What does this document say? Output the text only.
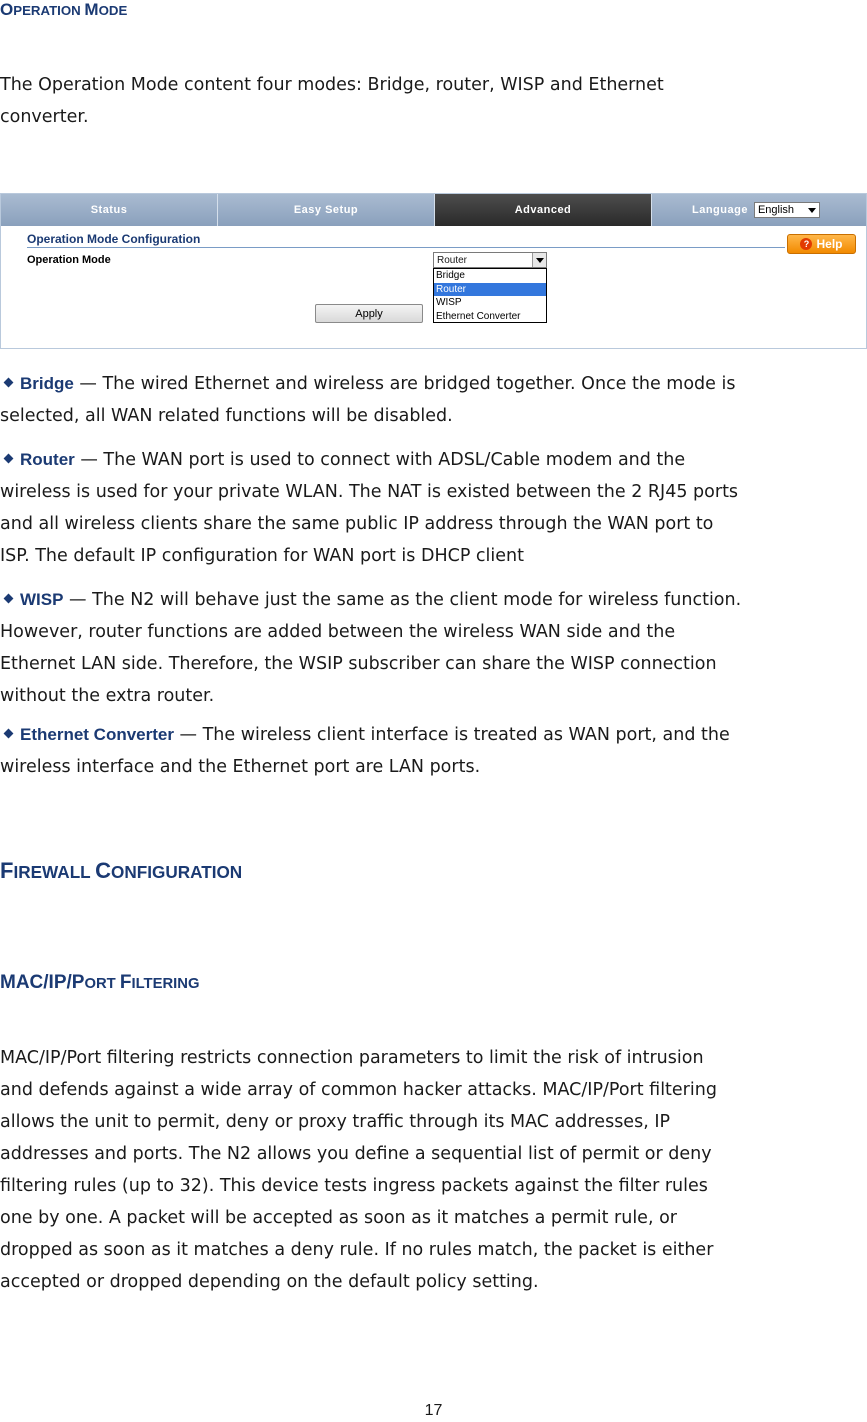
OPERATION MODE
The Operation Mode content four modes: Bridge, router, WISP and Ethernet
converter.
Status	Easy Setup	Advanced	Language English
Operation Mode Configuration	? Help
Operation Mode	Router
Bridge
Router
WISP
Ethernet Converter
Apply
Bridge — The wired Ethernet and wireless are bridged together. Once the mode is
selected, all WAN related functions will be disabled.
Router — The WAN port is used to connect with ADSL/Cable modem and the
wireless is used for your private WLAN. The NAT is existed between the 2 RJ45 ports
and all wireless clients share the same public IP address through the WAN port to
ISP. The default IP configuration for WAN port is DHCP client
WISP — The N2 will behave just the same as the client mode for wireless function.
However, router functions are added between the wireless WAN side and the
Ethernet LAN side. Therefore, the WSIP subscriber can share the WISP connection
without the extra router.
Ethernet Converter — The wireless client interface is treated as WAN port, and the
wireless interface and the Ethernet port are LAN ports.
FIREWALL CONFIGURATION
MAC/IP/PORT FILTERING
MAC/IP/Port filtering restricts connection parameters to limit the risk of intrusion
and defends against a wide array of common hacker attacks. MAC/IP/Port filtering
allows the unit to permit, deny or proxy traffic through its MAC addresses, IP
addresses and ports. The N2 allows you define a sequential list of permit or deny
filtering rules (up to 32). This device tests ingress packets against the filter rules
one by one. A packet will be accepted as soon as it matches a permit rule, or
dropped as soon as it matches a deny rule. If no rules match, the packet is either
accepted or dropped depending on the default policy setting.
17
